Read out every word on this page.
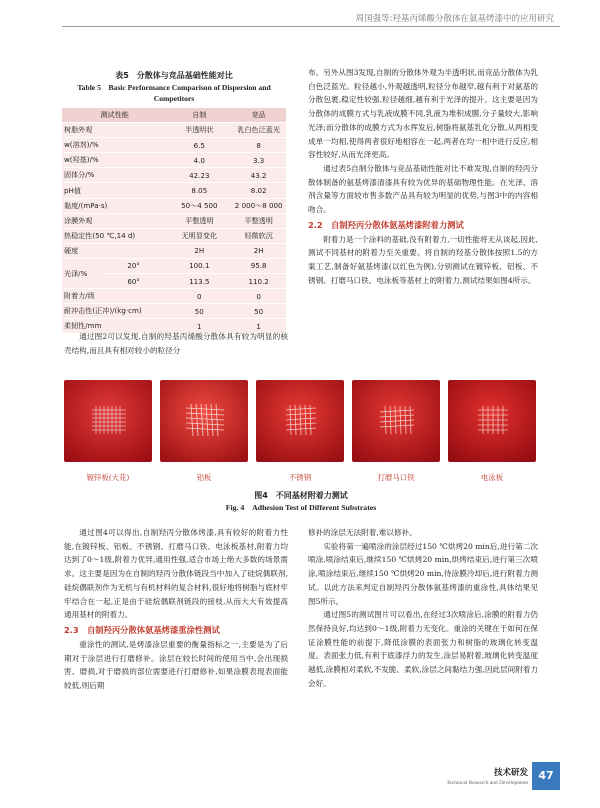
周国强等:羟基丙烯酸分散体在氨基烤漆中的应用研究
表5　分散体与竞品基础性能对比
Table 5　Basic Performance Comparison of Dispersion and Competitors
测试性能		自制	竞品
树脂外观		半透明状	乳白色泛蓝光
w(溶剂)/%		6.5	8
w(羟基)/%		4.0	3.3
固体分/%		42.23	43.2
pH值		8.05	8.02
黏度/(mPa·s)		50～4 500	2 000～8 000
涂膜外观		平整透明	平整透明
热稳定性(50 ℃,14 d)		无明显变化	轻微软沉
硬度		2H	2H
光泽/%	20°	100.1	95.8
	60°	113.5	110.2
附着力/级		0	0
耐冲击性(正冲)/(kg·cm)		50	50
柔韧性/mm		1	1

通过图2可以发现,自制的羟基丙烯酸分散体具有较为明显的核壳结构,而且具有相对较小的粒径分

布。另外从图3发现,自制的分散体外观为半透明状,而竞品分散体为乳白色泛蓝光。粒径越小,外观越透明,粒径分布越窄,越有利于对氨基的分散包裹,稳定性较强,粒径越细,越有利于光泽的提升。这主要是因为分散体的成膜方式与乳液成膜不同,乳液为堆积成膜,分子量较大,影响光泽;而分散体的成膜方式为水挥发后,树脂将氨基乳化分散,从两相变成单一均相,使得两者很好地相容在一起,两者在均一相中进行反应,相容性较好,从而光泽更高。

通过表5自制分散体与竞品基础性能对比不难发现,自制的羟丙分散体制备的氨基烤漆清漆具有较为优异的基础物理性能。在光泽、溶剂含量等方面较市售多数产品具有较为明显的优势,与图3中的内容相吻合。

2.2　自制羟丙分散体氨基烤漆附着力测试

附着力是一个涂料的基础,没有附着力,一切性能将无从谈起,因此,测试不同基材的附着力至关重要。将自制的羟基分散体按照1.5的方案工艺,制备好氨基烤漆(以红色为例),分别测试在镀锌板、铝板、不锈钢、打磨马口铁、电泳板等基材上的附着力,测试结果如图4所示。

镀锌板(大花)	铝板	不锈钢	打磨马口铁	电泳板
图4　不同基材附着力测试
Fig. 4　Adhesion Test of Different Substrates

通过图4可以得出,自制羟丙分散体烤漆,具有较好的附着力性能,在镀锌板、铝板、不锈钢、打磨马口铁、电泳板基材,附着力均达到了0～1级,附着力优异,通用性强,适合市场上绝大多数的场景需求。这主要是因为在自制的羟丙分散体链段当中加入了硅烷偶联剂,硅烷偶联剂作为无机与有机材料的复合材料,很好地将树脂与底材牢牢结合在一起,正是由于硅烷偶联剂链段的接枝,从而大大有效提高通用基材的附着力。

2.3　自制羟丙分散体氨基烤漆重涂性测试

重涂性的测试,是烤漆涂层重要的衡量指标之一,主要是为了后期对于涂层进行打磨修补。涂层在较长时间的使用当中,会出现损害、磨损,对于磨损的部位需要进行打磨修补,如果涂膜表现表面能较低,则后期

修补的涂层无法附着,难以修补。

实验将第一遍喷涂的涂层经过150 ℃烘烤20 min后,进行第二次喷涂,喷涂结束后,继续150 ℃烘烤20 min,烘烤结束后,进行第三次喷涂,喷涂结束后,继续150 ℃烘烤20 min,待涂膜冷却后,进行附着力测试。以此方法来判定自制羟丙分散体氨基烤漆的重涂性,具体结果见图5所示。

通过图5的测试图片可以看出,在经过3次喷涂后,涂膜的附着力仍然保持良好,均达到0～1级,附着力无变化。重涂的关键在于如何在保证涂膜性能的前提下,降低涂膜的表面张力和树脂的玻璃化转变温度。表面张力低,有利于底漆浮力的发生,涂层易附着,玻璃化转变温度越低,涂膜相对柔软,不发脆、柔软,涂层之间黏结力强,因此层间附着力会好。

技术研发
Technical Research and Development
47
